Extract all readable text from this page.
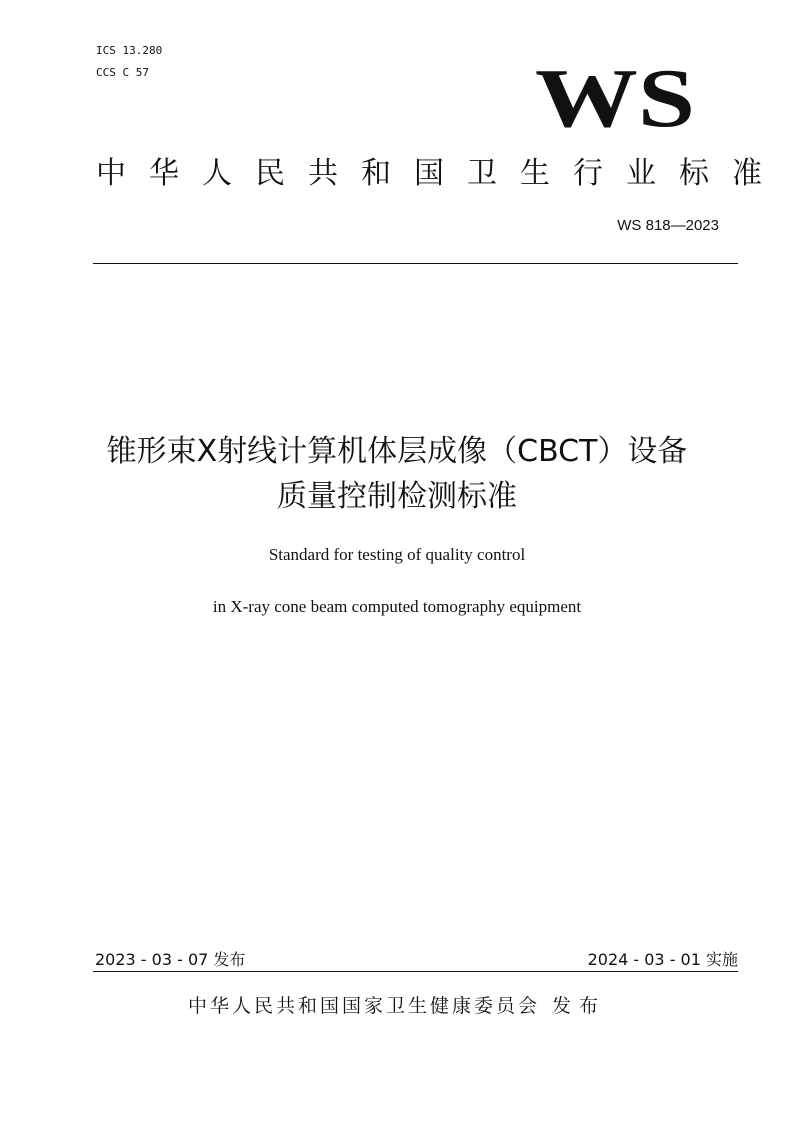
ICS 13.280
CCS C 57	WS
中华人民共和国卫生行业标准
WS 818—2023
锥形束X射线计算机体层成像（CBCT）设备
质量控制检测标准
Standard for testing of quality control
in X-ray cone beam computed tomography equipment
2023 - 03 - 07 发布	2024 - 03 - 01 实施
中华人民共和国国家卫生健康委员会 发布
